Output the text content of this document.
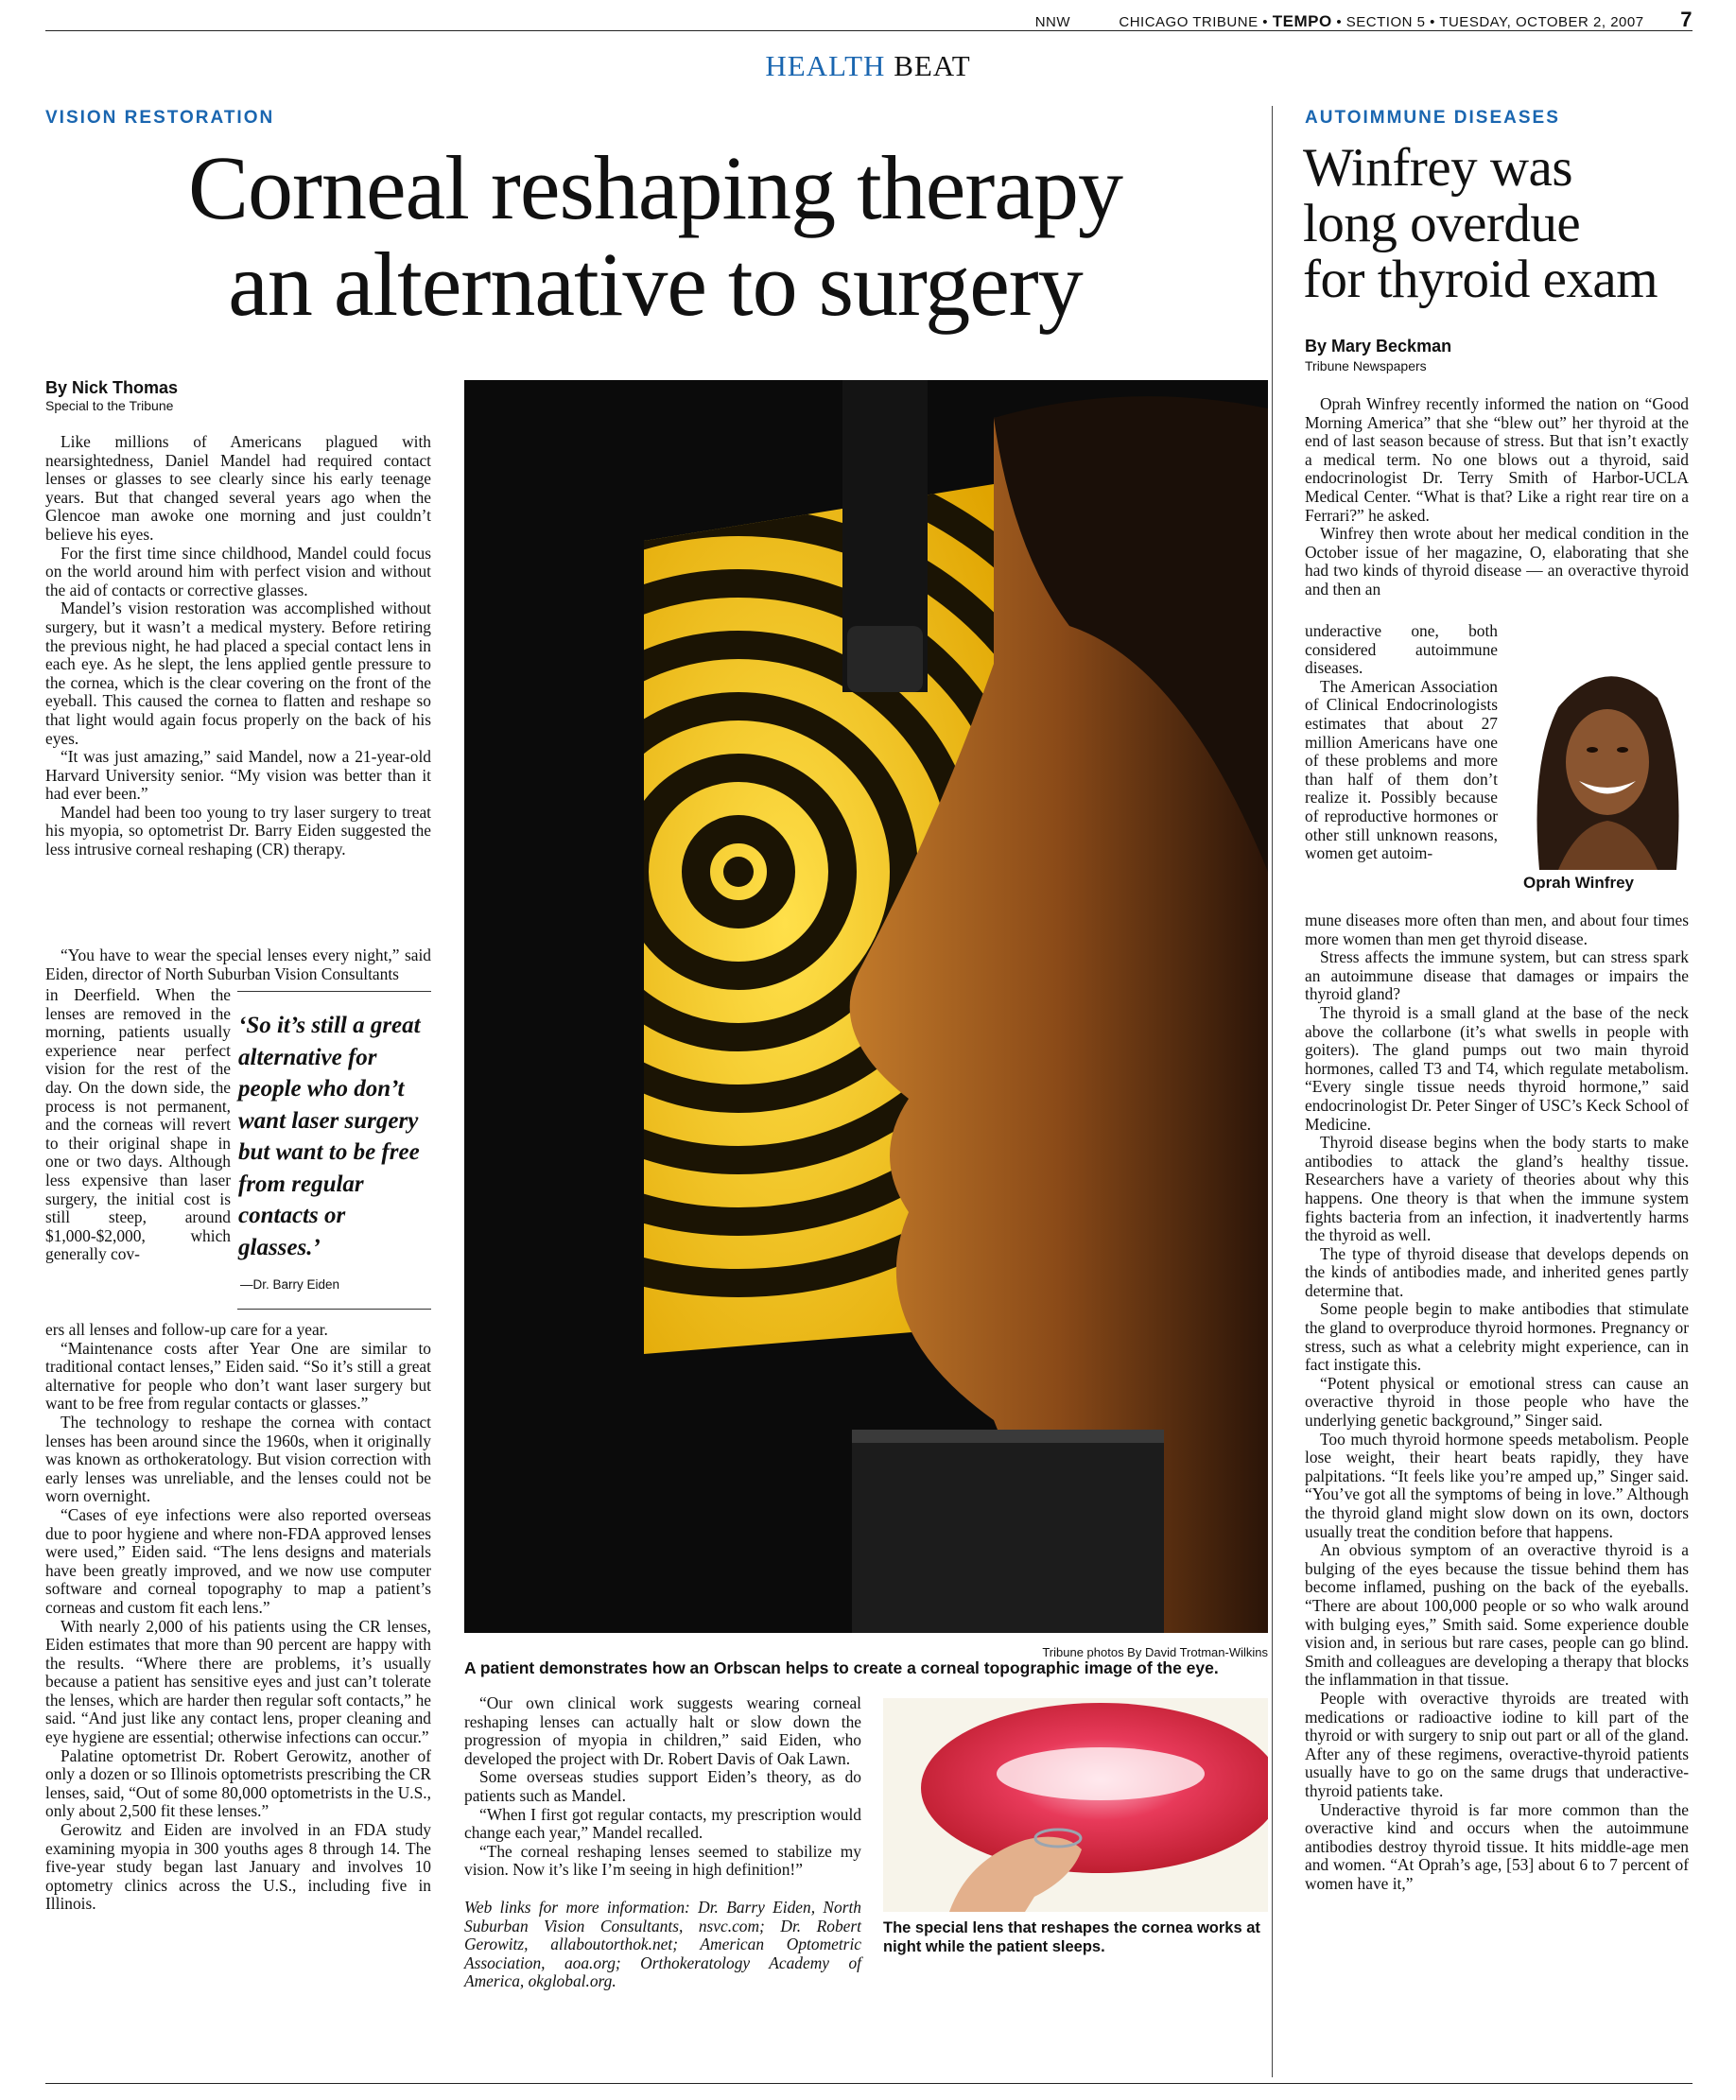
NNW	CHICAGO TRIBUNE • TEMPO • SECTION 5 • TUESDAY, OCTOBER 2, 2007 7
HEALTH BEAT
VISION RESTORATION
Corneal reshaping therapy
an alternative to surgery
By Nick Thomas
Special to the Tribune

Like millions of Americans plagued with nearsightedness, Daniel Mandel had required contact lenses or glasses to see clearly since his early teenage years. But that changed several years ago when the Glencoe man awoke one morning and just couldn’t believe his eyes.

For the first time since childhood, Mandel could focus on the world around him with perfect vision and without the aid of contacts or corrective glasses.

Mandel’s vision restoration was accomplished without surgery, but it wasn’t a medical mystery. Before retiring the previous night, he had placed a special contact lens in each eye. As he slept, the lens applied gentle pressure to the cornea, which is the clear covering on the front of the eyeball. This caused the cornea to flatten and reshape so that light would again focus properly on the back of his eyes.

“It was just amazing,” said Mandel, now a 21-year-old Harvard University senior. “My vision was better than it had ever been.”

Mandel had been too young to try laser surgery to treat his myopia, so optometrist Dr. Barry Eiden suggested the less intrusive corneal reshaping (CR) therapy.

“You have to wear the special lenses every night,” said Eiden, director of North Suburban Vision Consultants

in Deerfield. When the lenses are removed in the morning, patients usually experience near perfect vision for the rest of the day. On the down side, the process is not permanent, and the corneas will revert to their original shape in one or two days. Although less expensive than laser surgery, the initial cost is still steep, around $1,000-$2,000, which generally cov-

ers all lenses and follow-up care for a year.

“Maintenance costs after Year One are similar to traditional contact lenses,” Eiden said. “So it’s still a great alternative for people who don’t want laser surgery but want to be free from regular contacts or glasses.”

The technology to reshape the cornea with contact lenses has been around since the 1960s, when it originally was known as orthokeratology. But vision correction with early lenses was unreliable, and the lenses could not be worn overnight.

“Cases of eye infections were also reported overseas due to poor hygiene and where non-FDA approved lenses were used,” Eiden said. “The lens designs and materials have been greatly improved, and we now use computer software and corneal topography to map a patient’s corneas and custom fit each lens.”

With nearly 2,000 of his patients using the CR lenses, Eiden estimates that more than 90 percent are happy with the results. “Where there are problems, it’s usually because a patient has sensitive eyes and just can’t tolerate the lenses, which are harder then regular soft contacts,” he said. “And just like any contact lens, proper cleaning and eye hygiene are essential; otherwise infections can occur.”

Palatine optometrist Dr. Robert Gerowitz, another of only a dozen or so Illinois optometrists prescribing the CR lenses, said, “Out of some 80,000 optometrists in the U.S., only about 2,500 fit these lenses.”

Gerowitz and Eiden are involved in an FDA study examining myopia in 300 youths ages 8 through 14. The five-year study began last January and involves 10 optometry clinics across the U.S., including five in Illinois.

‘So it’s still a great alternative for people who don’t want laser surgery but want to be free from regular contacts or glasses.’
—Dr. Barry Eiden
Tribune photos By David Trotman-Wilkins
A patient demonstrates how an Orbscan helps to create a corneal topographic image of the eye.

“Our own clinical work suggests wearing corneal reshaping lenses can actually halt or slow down the progression of myopia in children,” said Eiden, who developed the project with Dr. Robert Davis of Oak Lawn.

Some overseas studies support Eiden’s theory, as do patients such as Mandel.

“When I first got regular contacts, my prescription would change each year,” Mandel recalled.

“The corneal reshaping lenses seemed to stabilize my vision. Now it’s like I’m seeing in high definition!”

Web links for more information: Dr. Barry Eiden, North Suburban Vision Consultants, nsvc.com; Dr. Robert Gerowitz, allaboutorthok.net; American Optometric Association, aoa.org; Orthokeratology Academy of America, okglobal.org.

The special lens that reshapes the cornea works at night while the patient sleeps.
AUTOIMMUNE DISEASES
Winfrey was
long overdue
for thyroid exam
By Mary Beckman
Tribune Newspapers

Oprah Winfrey recently informed the nation on “Good Morning America” that she “blew out” her thyroid at the end of last season because of stress. But that isn’t exactly a medical term. No one blows out a thyroid, said endocrinologist Dr. Terry Smith of Harbor-UCLA Medical Center. “What is that? Like a right rear tire on a Ferrari?” he asked.

Winfrey then wrote about her medical condition in the October issue of her magazine, O, elaborating that she had two kinds of thyroid disease — an overactive thyroid and then an

underactive one, both considered autoimmune diseases.

The American Association of Clinical Endocrinologists estimates that about 27 million Americans have one of these problems and more than half of them don’t realize it. Possibly because of reproductive hormones or other still unknown reasons, women get autoim-

Oprah Winfrey

mune diseases more often than men, and about four times more women than men get thyroid disease.

Stress affects the immune system, but can stress spark an autoimmune disease that damages or impairs the thyroid gland?

The thyroid is a small gland at the base of the neck above the collarbone (it’s what swells in people with goiters). The gland pumps out two main thyroid hormones, called T3 and T4, which regulate metabolism. “Every single tissue needs thyroid hormone,” said endocrinologist Dr. Peter Singer of USC’s Keck School of Medicine.

Thyroid disease begins when the body starts to make antibodies to attack the gland’s healthy tissue. Researchers have a variety of theories about why this happens. One theory is that when the immune system fights bacteria from an infection, it inadvertently harms the thyroid as well.

The type of thyroid disease that develops depends on the kinds of antibodies made, and inherited genes partly determine that.

Some people begin to make antibodies that stimulate the gland to overproduce thyroid hormones. Pregnancy or stress, such as what a celebrity might experience, can in fact instigate this.

“Potent physical or emotional stress can cause an overactive thyroid in those people who have the underlying genetic background,” Singer said.

Too much thyroid hormone speeds metabolism. People lose weight, their heart beats rapidly, they have palpitations. “It feels like you’re amped up,” Singer said. “You’ve got all the symptoms of being in love.” Although the thyroid gland might slow down on its own, doctors usually treat the condition before that happens.

An obvious symptom of an overactive thyroid is a bulging of the eyes because the tissue behind them has become inflamed, pushing on the back of the eyeballs. “There are about 100,000 people or so who walk around with bulging eyes,” Smith said. Some experience double vision and, in serious but rare cases, people can go blind. Smith and colleagues are developing a therapy that blocks the inflammation in that tissue.

People with overactive thyroids are treated with medications or radioactive iodine to kill part of the thyroid or with surgery to snip out part or all of the gland. After any of these regimens, overactive-thyroid patients usually have to go on the same drugs that underactive-thyroid patients take.

Underactive thyroid is far more common than the overactive kind and occurs when the autoimmune antibodies destroy thyroid tissue. It hits middle-age men and women. “At Oprah’s age, [53] about 6 to 7 percent of women have it,”
